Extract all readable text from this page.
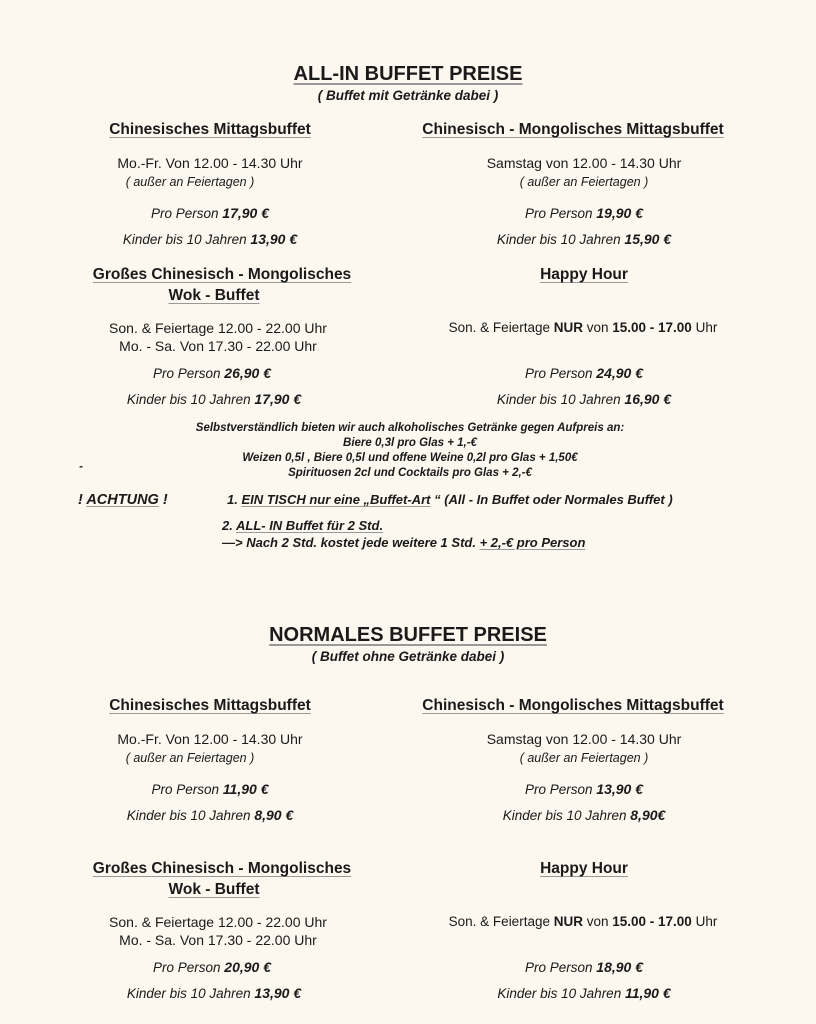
ALL-IN BUFFET PREISE
( Buffet mit Getränke dabei )
Chinesisches Mittagsbuffet
Mo.-Fr. Von 12.00 - 14.30 Uhr
( außer an Feiertagen )
Pro Person 17,90 €
Kinder bis 10 Jahren 13,90 €
Chinesisch - Mongolisches Mittagsbuffet
Samstag von 12.00 - 14.30 Uhr
( außer an Feiertagen )
Pro Person 19,90 €
Kinder bis 10 Jahren 15,90 €
Großes Chinesisch - Mongolisches
Wok - Buffet
Son. & Feiertage 12.00 - 22.00 Uhr
Mo. - Sa. Von 17.30 - 22.00 Uhr
Pro Person 26,90 €
Kinder bis 10 Jahren 17,90 €
Happy Hour
Son. & Feiertage NUR von 15.00 - 17.00 Uhr
Pro Person 24,90 €
Kinder bis 10 Jahren 16,90 €
NORMALES BUFFET PREISE
( Buffet ohne Getränke dabei )
Chinesisches Mittagsbuffet
Mo.-Fr. Von 12.00 - 14.30 Uhr
( außer an Feiertagen )
Pro Person 11,90 €
Kinder bis 10 Jahren 8,90 €
Chinesisch - Mongolisches Mittagsbuffet
Samstag von 12.00 - 14.30 Uhr
( außer an Feiertagen )
Pro Person 13,90 €
Kinder bis 10 Jahren 8,90€
Großes Chinesisch - Mongolisches
Wok - Buffet
Son. & Feiertage 12.00 - 22.00 Uhr
Mo. - Sa. Von 17.30 - 22.00 Uhr
Pro Person 20,90 €
Kinder bis 10 Jahren 13,90 €
Happy Hour
Son. & Feiertage NUR von 15.00 - 17.00 Uhr
Pro Person 18,90 €
Kinder bis 10 Jahren 11,90 €
Selbstverständlich bieten wir auch alkoholisches Getränke gegen Aufpreis an:
Biere 0,3l pro Glas + 1,-€
Weizen 0,5l , Biere 0,5l und offene Weine 0,2l pro Glas + 1,50€
Spirituosen 2cl und Cocktails pro Glas + 2,-€
-
! ACHTUNG !	1. EIN TISCH nur eine „Buffet-Art “ (All - In Buffet oder Normales Buffet )
2. ALL- IN Buffet für 2 Std.
—> Nach 2 Std. kostet jede weitere 1 Std. + 2,-€ pro Person
